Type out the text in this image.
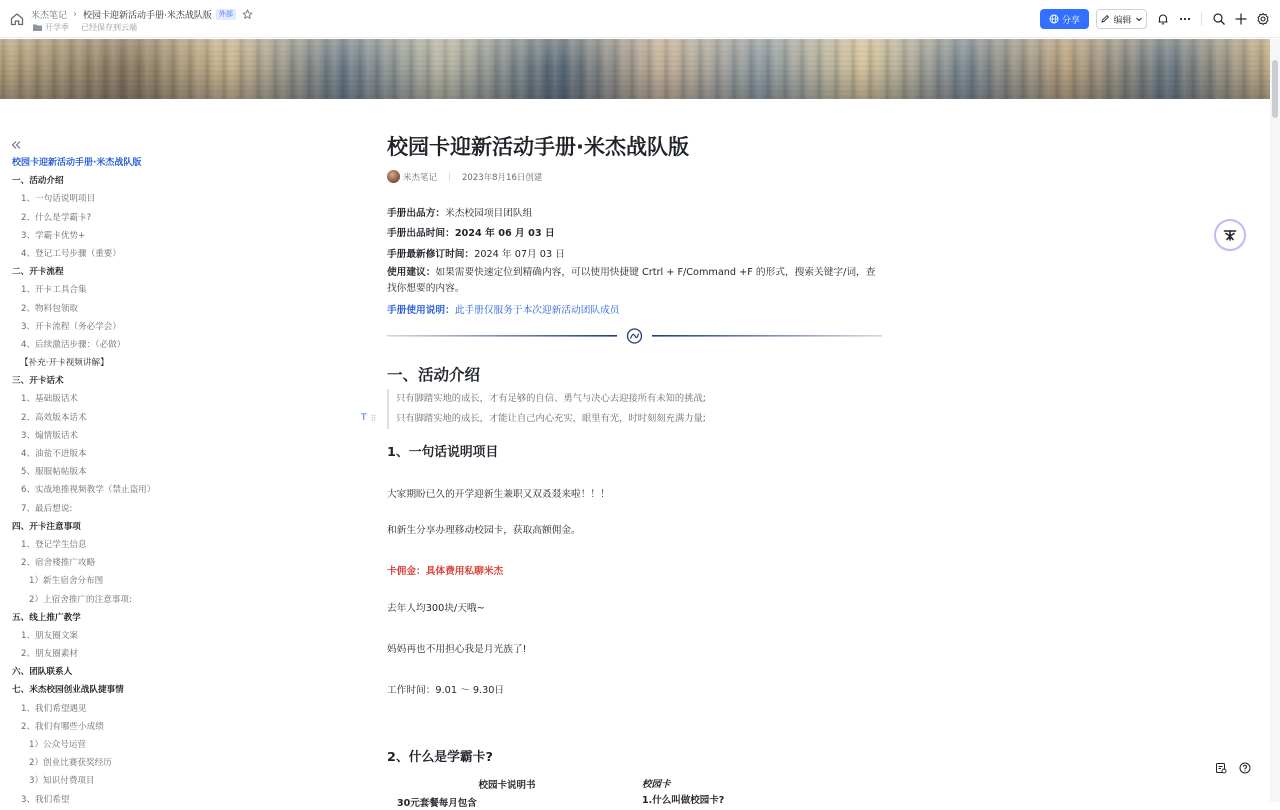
米杰笔记 › 校园卡迎新活动手册·米杰战队版	外部
开学季 已经保存到云端
分享	编辑
校园卡迎新活动手册·米杰战队版
一、活动介绍
1、一句话说明项目
2、什么是学霸卡?
3、学霸卡优势+
4、登记工号步骤（重要）
二、开卡流程
1、开卡工具合集
2、物料包领取
3、开卡流程（务必学会）
4、后续激活步骤：（必做）
【补充·开卡视频讲解】
三、开卡话术
1、基础版话术
2、高效版本话术
3、煽情版话术
4、油盐不进版本
5、服服帖帖版本
6、实战地推视频教学（禁止盗用）
7、最后想说:
四、开卡注意事项
1、登记学生信息
2、宿舍楼推广攻略
1）新生宿舍分布图
2）上宿舍推广的注意事项:
五、线上推广教学
1、朋友圈文案
2、朋友圈素材
六、团队联系人
七、米杰校园创业战队捷事情
1、我们希望遇见
2、我们有哪些小成绩
1）公众号运营
2）创业比赛获奖经历
3）知识付费项目
3、我们希望
校园卡迎新活动手册·米杰战队版
米杰笔记	2023年8月16日创建
手册出品方：米杰校园项目团队组
手册出品时间：2024 年 06 月 03 日
手册最新修订时间：2024 年 07月 03 日
使用建议：如果需要快速定位到精确内容，可以使用快捷键 Crtrl + F/Command +F 的形式，搜索关键字/词，查找你想要的内容。
手册使用说明：此手册仅服务于本次迎新活动团队成员
一、活动介绍
只有脚踏实地的成长，才有足够的自信、勇气与决心去迎接所有未知的挑战;
只有脚踏实地的成长，才能让自己内心充实，眼里有光，时时刻刻充满力量;
1、一句话说明项目
大家期盼已久的开学迎新生兼职又双叒叕来啦！！！
和新生分享办理移动校园卡，获取高额佣金。
卡佣金：具体费用私聊米杰
去年人均300块/天哦~
妈妈再也不用担心我是月光族了!
工作时间：9.01 ～ 9.30日
2、什么是学霸卡?
校园卡说明书
30元套餐每月包含
校园卡
1.什么叫做校园卡?
T ⠿
